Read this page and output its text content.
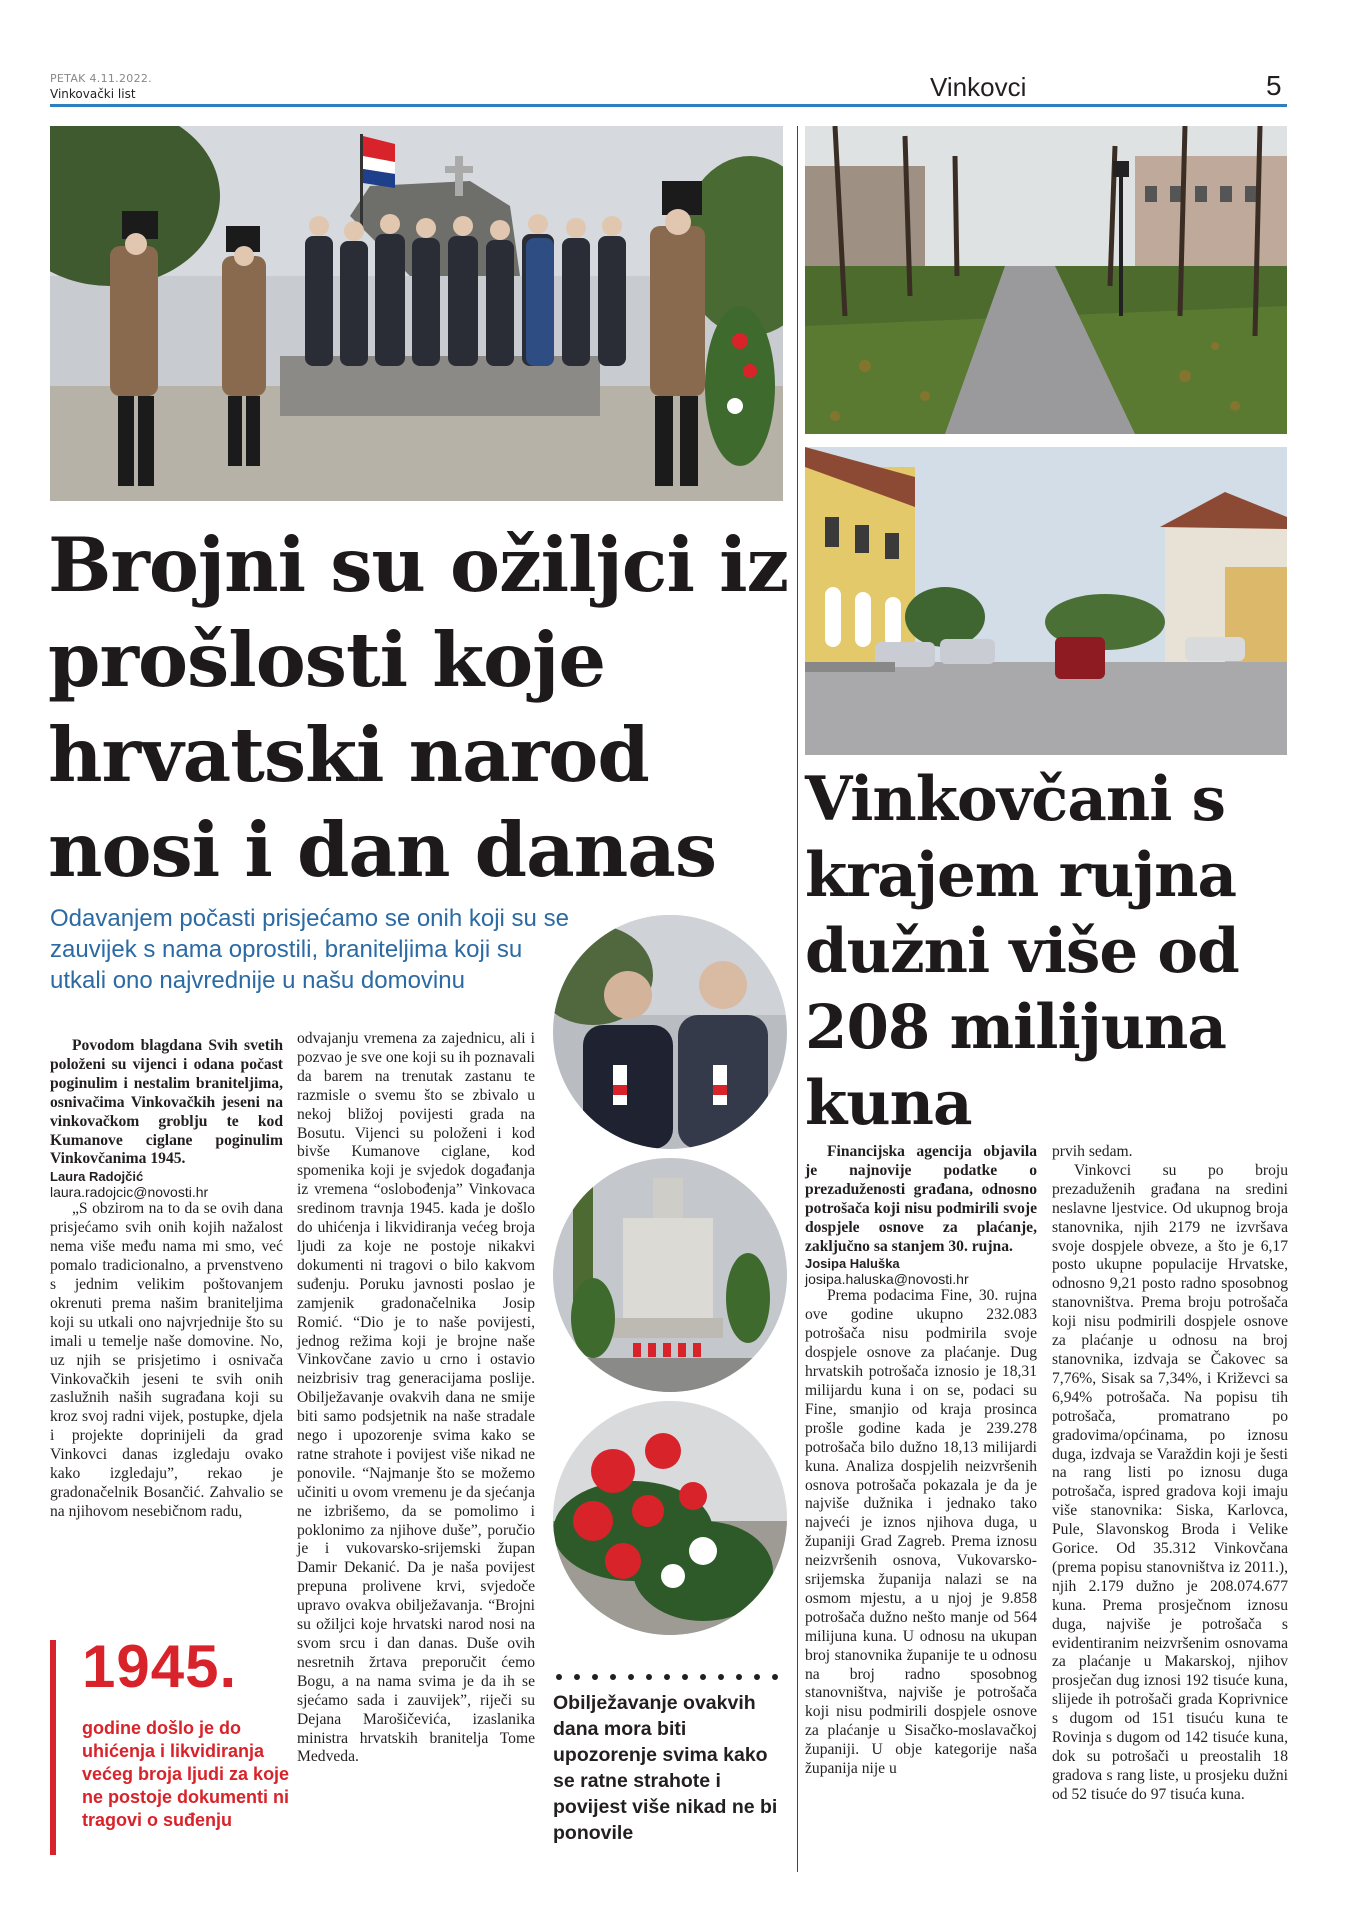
PETAK 4.11.2022.
Vinkovački list	Vinkovci	5
Brojni su ožiljci iz prošlosti koje hrvatski narod nosi i dan danas
Odavanjem počasti prisjećamo se onih koji su se zauvijek s nama oprostili, braniteljima koji su utkali ono najvrednije u našu domovinu
Vinkovčani s krajem rujna dužni više od 208 milijuna kuna

Povodom blagdana Svih svetih položeni su vijenci i odana počast poginulim i nestalim braniteljima, osnivačima Vinkovačkih jeseni na vinkovačkom groblju te kod Kumanove ciglane poginulim Vinkovčanima 1945.

Laura Radojčić

laura.radojcic@novosti.hr

„S obzirom na to da se ovih dana prisjećamo svih onih kojih nažalost nema više među nama mi smo, već pomalo tradicionalno, a prvenstveno s jednim velikim poštovanjem okrenuti prema našim braniteljima koji su utkali ono najvrjednije što su imali u temelje naše domovine. No, uz njih se prisjetimo i osnivača Vinkovačkih jeseni te svih onih zaslužnih naših sugrađana koji su kroz svoj radni vijek, postupke, djela i projekte doprinijeli da grad Vinkovci danas izgledaju ovako kako izgledaju”, rekao je gradonačelnik Bosančić. Zahvalio se na njihovom nesebičnom radu,

odvajanju vremena za zajednicu, ali i pozvao je sve one koji su ih poznavali da barem na trenutak zastanu te razmisle o svemu što se zbivalo u nekoj bližoj povijesti grada na Bosutu. Vijenci su položeni i kod bivše Kumanove ciglane, kod spomenika koji je svjedok događanja iz vremena “oslobođenja” Vinkovaca sredinom travnja 1945. kada je došlo do uhićenja i likvidiranja većeg broja ljudi za koje ne postoje nikakvi dokumenti ni tragovi o bilo kakvom suđenju. Poruku javnosti poslao je zamjenik gradonačelnika Josip Romić. “Dio je to naše povijesti, jednog režima koji je brojne naše Vinkovčane zavio u crno i ostavio neizbrisiv trag generacijama poslije. Obilježavanje ovakvih dana ne smije biti samo podsjetnik na naše stradale nego i upozorenje svima kako se ratne strahote i povijest više nikad ne ponovile. “Najmanje što se možemo učiniti u ovom vremenu je da sjećanja ne izbrišemo, da se pomolimo i poklonimo za njihove duše”, poručio je i vukovarsko-srijemski župan Damir Dekanić. Da je naša povijest prepuna prolivene krvi, svjedoče upravo ovakva obilježavanja. “Brojni su ožiljci koje hrvatski narod nosi na svom srcu i dan danas. Duše ovih nesretnih žrtava preporučit ćemo Bogu, a na nama svima je da ih se sjećamo sada i zauvijek”, riječi su Dejana Marošičevića, izaslanika ministra hrvatskih branitelja Tome Medveda.

1945.
godine došlo je do uhićenja i likvidiranja većeg broja ljudi za koje ne postoje dokumenti ni tragovi o suđenju
Obilježavanje ovakvih dana mora biti upozorenje svima kako se ratne strahote i povijest više nikad ne bi ponovile

Financijska agencija objavila je najnovije podatke o prezaduženosti građana, odnosno potrošača koji nisu podmirili svoje dospjele osnove za plaćanje, zaključno sa stanjem 30. rujna.

Josipa Haluška

josipa.haluska@novosti.hr

Prema podacima Fine, 30. rujna ove godine ukupno 232.083 potrošača nisu podmirila svoje dospjele osnove za plaćanje. Dug hrvatskih potrošača iznosio je 18,31 milijardu kuna i on se, podaci su Fine, smanjio od kraja prosinca prošle godine kada je 239.278 potrošača bilo dužno 18,13 milijardi kuna. Analiza dospjelih neizvršenih osnova potrošača pokazala je da je najviše dužnika i jednako tako najveći je iznos njihova duga, u županiji Grad Zagreb. Prema iznosu neizvršenih osnova, Vukovarsko-srijemska županija nalazi se na osmom mjestu, a u njoj je 9.858 potrošača dužno nešto manje od 564 milijuna kuna. U odnosu na ukupan broj stanovnika županije te u odnosu na broj radno sposobnog stanovništva, najviše je potrošača koji nisu podmirili dospjele osnove za plaćanje u Sisačko-moslavačkoj županiji. U obje kategorije naša županija nije u

prvih sedam.

Vinkovci su po broju prezaduženih građana na sredini neslavne ljestvice. Od ukupnog broja stanovnika, njih 2179 ne izvršava svoje dospjele obveze, a što je 6,17 posto ukupne populacije Hrvatske, odnosno 9,21 posto radno sposobnog stanovništva. Prema broju potrošača koji nisu podmirili dospjele osnove za plaćanje u odnosu na broj stanovnika, izdvaja se Čakovec sa 7,76%, Sisak sa 7,34%, i Križevci sa 6,94% potrošača. Na popisu tih potrošača, promatrano po gradovima/općinama, po iznosu duga, izdvaja se Varaždin koji je šesti na rang listi po iznosu duga potrošača, ispred gradova koji imaju više stanovnika: Siska, Karlovca, Pule, Slavonskog Broda i Velike Gorice. Od 35.312 Vinkovčana (prema popisu stanovništva iz 2011.), njih 2.179 dužno je 208.074.677 kuna. Prema prosječnom iznosu duga, najviše je potrošača s evidentiranim neizvršenim osnovama za plaćanje u Makarskoj, njihov prosječan dug iznosi 192 tisuće kuna, slijede ih potrošači grada Koprivnice s dugom od 151 tisuću kuna te Rovinja s dugom od 142 tisuće kuna, dok su potrošači u preostalih 18 gradova s rang liste, u prosjeku dužni od 52 tisuće do 97 tisuća kuna.
